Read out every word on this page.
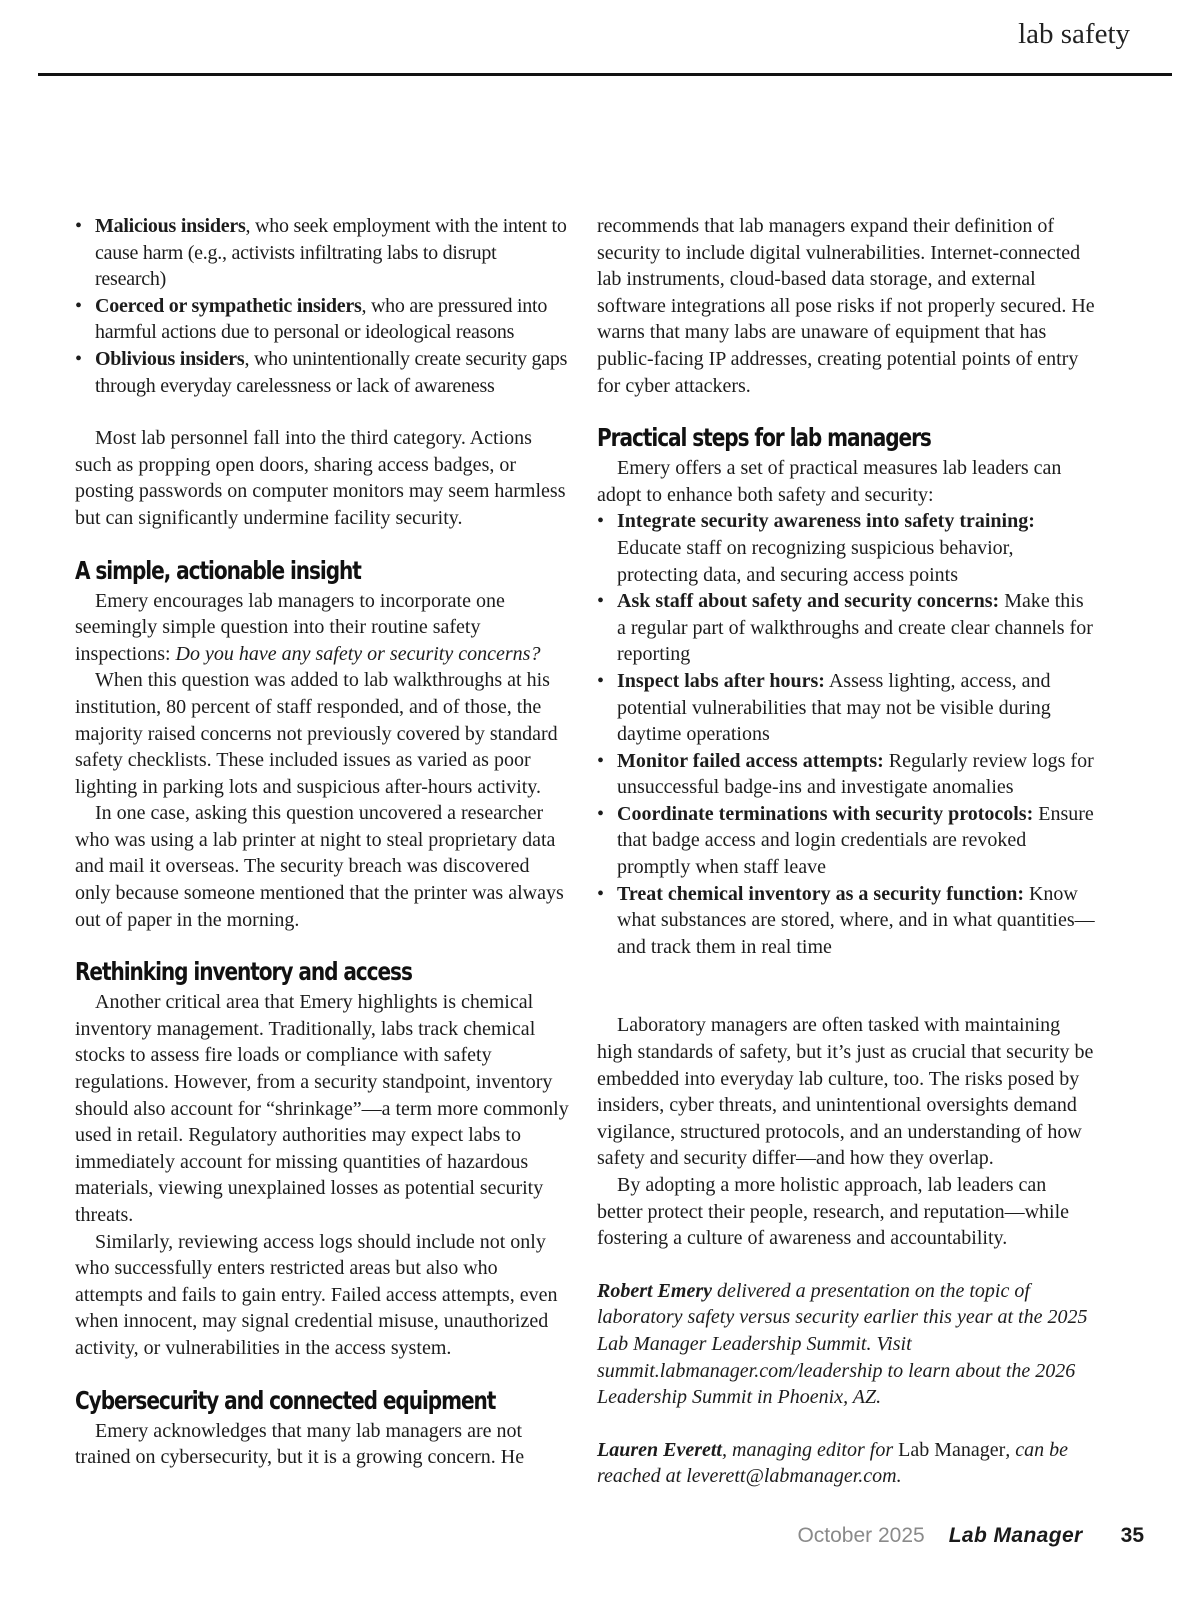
lab safety
• Malicious insiders, who seek employment with the intent to cause harm (e.g., activists infiltrating labs to disrupt research)
• Coerced or sympathetic insiders, who are pressured into harmful actions due to personal or ideological reasons
• Oblivious insiders, who unintentionally create security gaps through everyday carelessness or lack of awareness

Most lab personnel fall into the third category. Actions such as propping open doors, sharing access badges, or posting passwords on computer monitors may seem harmless but can significantly undermine facility security.

A simple, actionable insight

Emery encourages lab managers to incorporate one seemingly simple question into their routine safety inspections: Do you have any safety or security concerns?

When this question was added to lab walkthroughs at his institution, 80 percent of staff responded, and of those, the majority raised concerns not previously covered by standard safety checklists. These included issues as varied as poor lighting in parking lots and suspicious after-hours activity.

In one case, asking this question uncovered a researcher who was using a lab printer at night to steal proprietary data and mail it overseas. The security breach was discovered only because someone mentioned that the printer was always out of paper in the morning.

Rethinking inventory and access

Another critical area that Emery highlights is chemical inventory management. Traditionally, labs track chemical stocks to assess fire loads or compliance with safety regulations. However, from a security standpoint, inventory should also account for “shrinkage”—a term more commonly used in retail. Regulatory authorities may expect labs to immediately account for missing quantities of hazardous materials, viewing unexplained losses as potential security threats.

Similarly, reviewing access logs should include not only who successfully enters restricted areas but also who attempts and fails to gain entry. Failed access attempts, even when innocent, may signal credential misuse, unauthorized activity, or vulnerabilities in the access system.

Cybersecurity and connected equipment

Emery acknowledges that many lab managers are not trained on cybersecurity, but it is a growing concern. He

recommends that lab managers expand their definition of security to include digital vulnerabilities. Internet-connected lab instruments, cloud-based data storage, and external software integrations all pose risks if not properly secured. He warns that many labs are unaware of equipment that has public-facing IP addresses, creating potential points of entry for cyber attackers.

Practical steps for lab managers

Emery offers a set of practical measures lab leaders can adopt to enhance both safety and security:

• Integrate security awareness into safety training: Educate staff on recognizing suspicious behavior, protecting data, and securing access points
• Ask staff about safety and security concerns: Make this a regular part of walkthroughs and create clear channels for reporting
• Inspect labs after hours: Assess lighting, access, and potential vulnerabilities that may not be visible during daytime operations
• Monitor failed access attempts: Regularly review logs for unsuccessful badge-ins and investigate anomalies
• Coordinate terminations with security protocols: Ensure that badge access and login credentials are revoked promptly when staff leave
• Treat chemical inventory as a security function: Know what substances are stored, where, and in what quantities—and track them in real time

Laboratory managers are often tasked with maintaining high standards of safety, but it’s just as crucial that security be embedded into everyday lab culture, too. The risks posed by insiders, cyber threats, and unintentional oversights demand vigilance, structured protocols, and an understanding of how safety and security differ—and how they overlap.

By adopting a more holistic approach, lab leaders can better protect their people, research, and reputation—while fostering a culture of awareness and accountability.

Robert Emery delivered a presentation on the topic of laboratory safety versus security earlier this year at the 2025 Lab Manager Leadership Summit. Visit summit.labmanager.com/leadership to learn about the 2026 Leadership Summit in Phoenix, AZ.

Lauren Everett, managing editor for Lab Manager, can be reached at leverett@labmanager.com.

October 2025 Lab Manager 35
